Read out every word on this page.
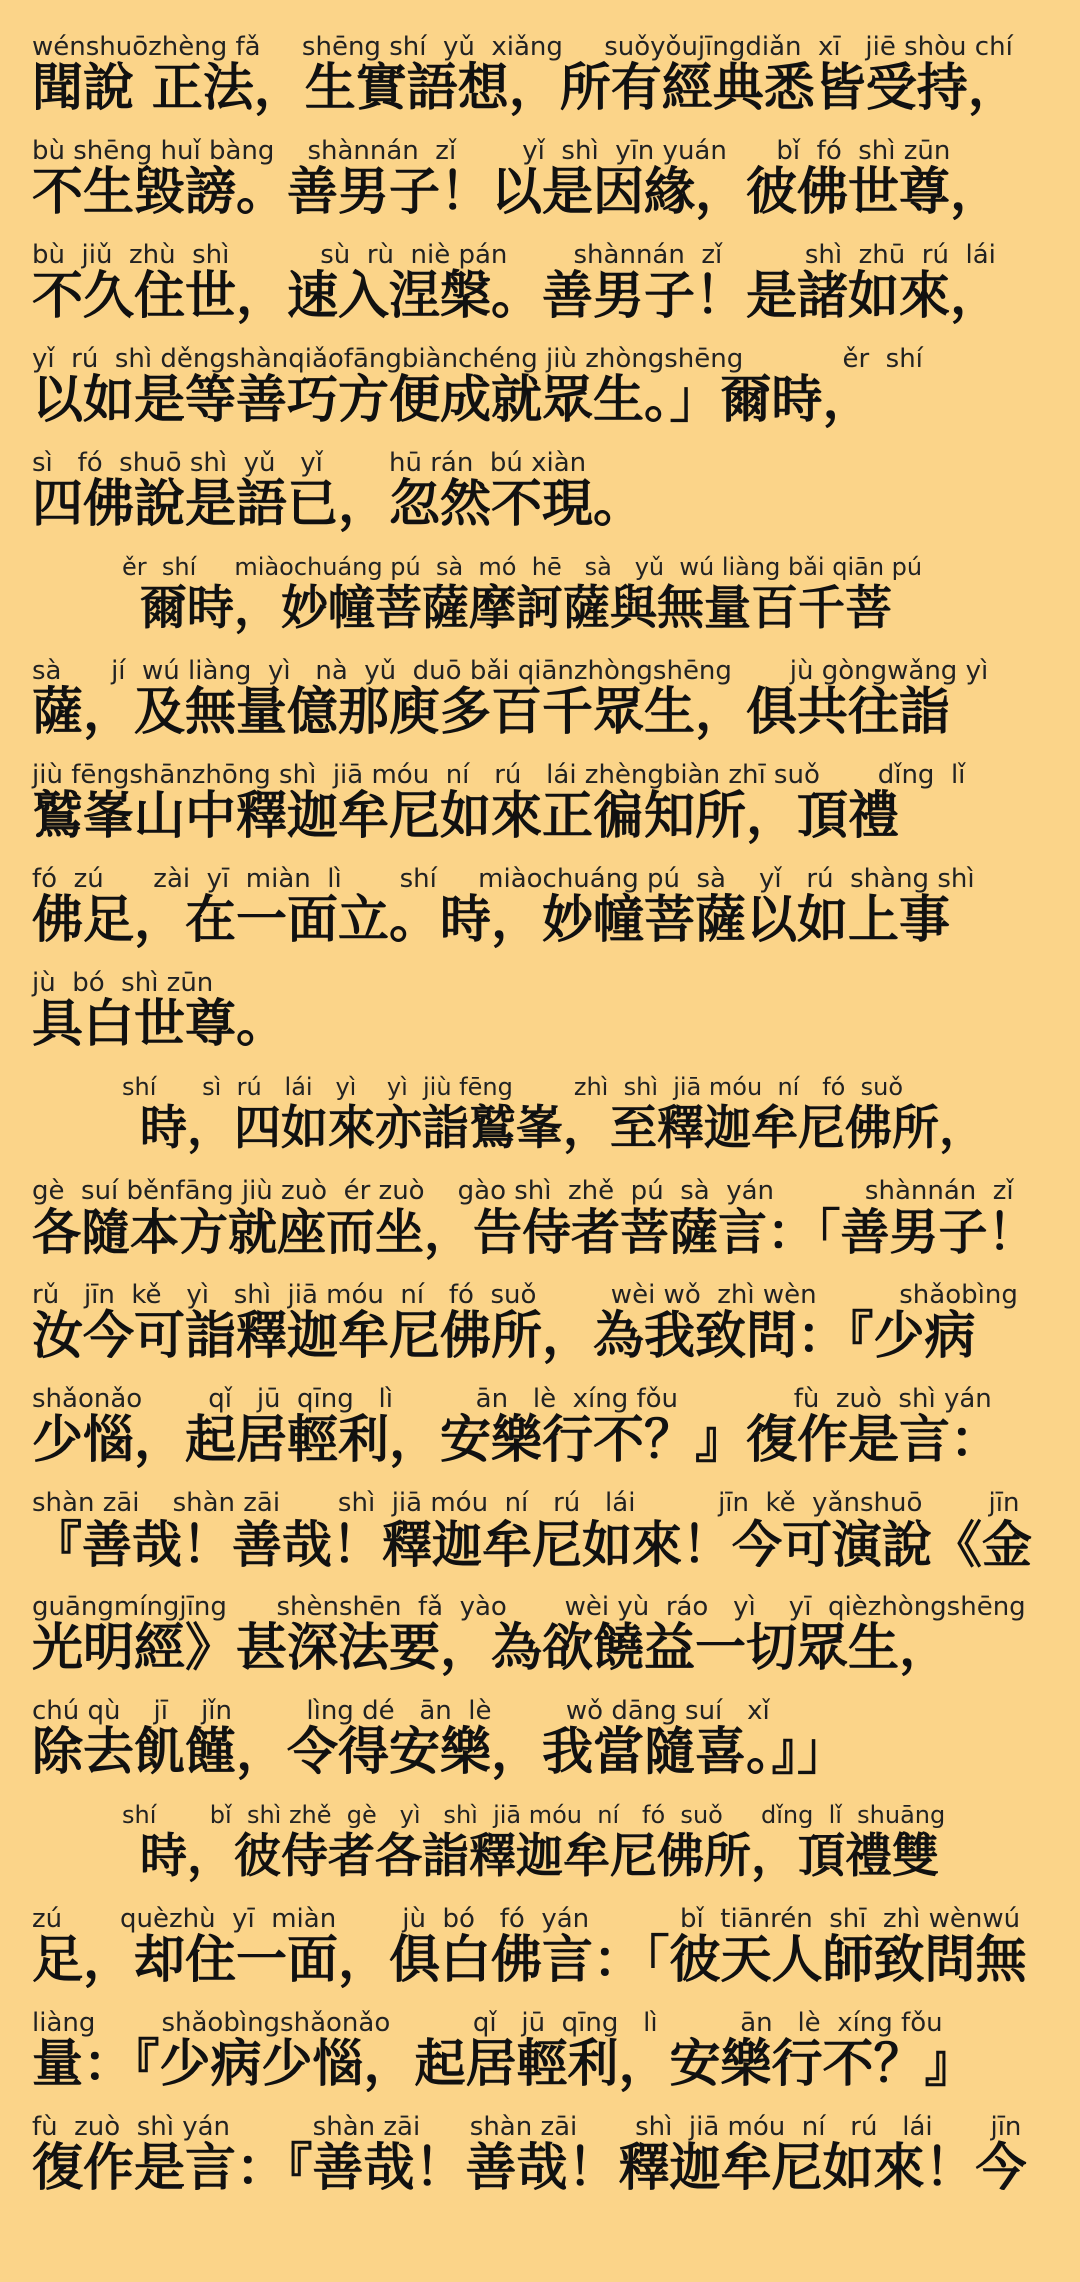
wénshuōzhèng fǎ     shēng shí  yǔ  xiǎng     suǒyǒujīngdiǎn  xī   jiē shòu chí
聞說 正法，生實語想，所有經典悉皆受持，
bù shēng huǐ bàng    shànnán  zǐ        yǐ  shì  yīn yuán      bǐ  fó  shì zūn
不生毀謗。善男子！以是因緣，彼佛世尊，
bù  jiǔ  zhù  shì           sù  rù  niè pán        shànnán  zǐ          shì  zhū  rú  lái
不久住世，速入涅槃。善男子！是諸如來，
yǐ  rú  shì děngshànqiǎofāngbiànchéng jiù zhòngshēng            ěr  shí
以如是等善巧方便成就眾生。」爾時，
sì   fó  shuō shì  yǔ   yǐ        hū rán  bú xiàn
四佛說是語已，忽然不現。
ěr  shí     miàochuáng pú  sà  mó  hē   sà   yǔ  wú liàng bǎi qiān pú
爾時，妙幢菩薩摩訶薩與無量百千菩
sà      jí  wú liàng  yì   nà  yǔ  duō bǎi qiānzhòngshēng       jù gòngwǎng yì
薩，及無量億那庾多百千眾生，俱共往詣
jiù fēngshānzhōng shì  jiā móu  ní   rú   lái zhèngbiàn zhī suǒ       dǐng  lǐ
鷲峯山中釋迦牟尼如來正徧知所，頂禮
fó  zú      zài  yī  miàn  lì       shí     miàochuáng pú  sà    yǐ   rú  shàng shì
佛足，在一面立。時，妙幢菩薩以如上事
jù  bó  shì zūn
具白世尊。
shí      sì  rú   lái   yì    yì  jiù fēng        zhì  shì  jiā móu  ní   fó  suǒ
時，四如來亦詣鷲峯，至釋迦牟尼佛所，
gè  suí běnfāng jiù zuò  ér zuò    gào shì  zhě  pú  sà  yán           shànnán  zǐ
各隨本方就座而坐，告侍者菩薩言：「善男子！
rǔ   jīn  kě   yì   shì  jiā móu  ní   fó  suǒ         wèi wǒ  zhì wèn          shǎobìng
汝今可詣釋迦牟尼佛所，為我致問：『少病
shǎonǎo        qǐ   jū  qīng   lì          ān   lè  xíng fǒu              fù  zuò  shì yán
少惱，起居輕利，安樂行不？』復作是言：
shàn zāi    shàn zāi       shì  jiā móu  ní   rú   lái          jīn  kě  yǎnshuō        jīn
『善哉！善哉！釋迦牟尼如來！今可演說《金
guāngmíngjīng      shènshēn  fǎ  yào       wèi yù  ráo   yì    yī  qièzhòngshēng
光明經》甚深法要，為欲饒益一切眾生，
chú qù    jī    jǐn         lìng dé   ān  lè         wǒ dāng suí   xǐ
除去飢饉，令得安樂，我當隨喜。』」
shí       bǐ  shì zhě  gè   yì   shì  jiā móu  ní   fó  suǒ     dǐng  lǐ  shuāng
時，彼侍者各詣釋迦牟尼佛所，頂禮雙
zú       quèzhù  yī  miàn        jù  bó   fó  yán           bǐ  tiānrén  shī  zhì wènwú
足，却住一面，俱白佛言：「彼天人師致問無
liàng        shǎobìngshǎonǎo          qǐ   jū  qīng   lì          ān   lè  xíng fǒu
量：『少病少惱，起居輕利，安樂行不？』
fù  zuò  shì yán          shàn zāi      shàn zāi       shì  jiā móu  ní   rú   lái       jīn
復作是言：『善哉！善哉！釋迦牟尼如來！今
